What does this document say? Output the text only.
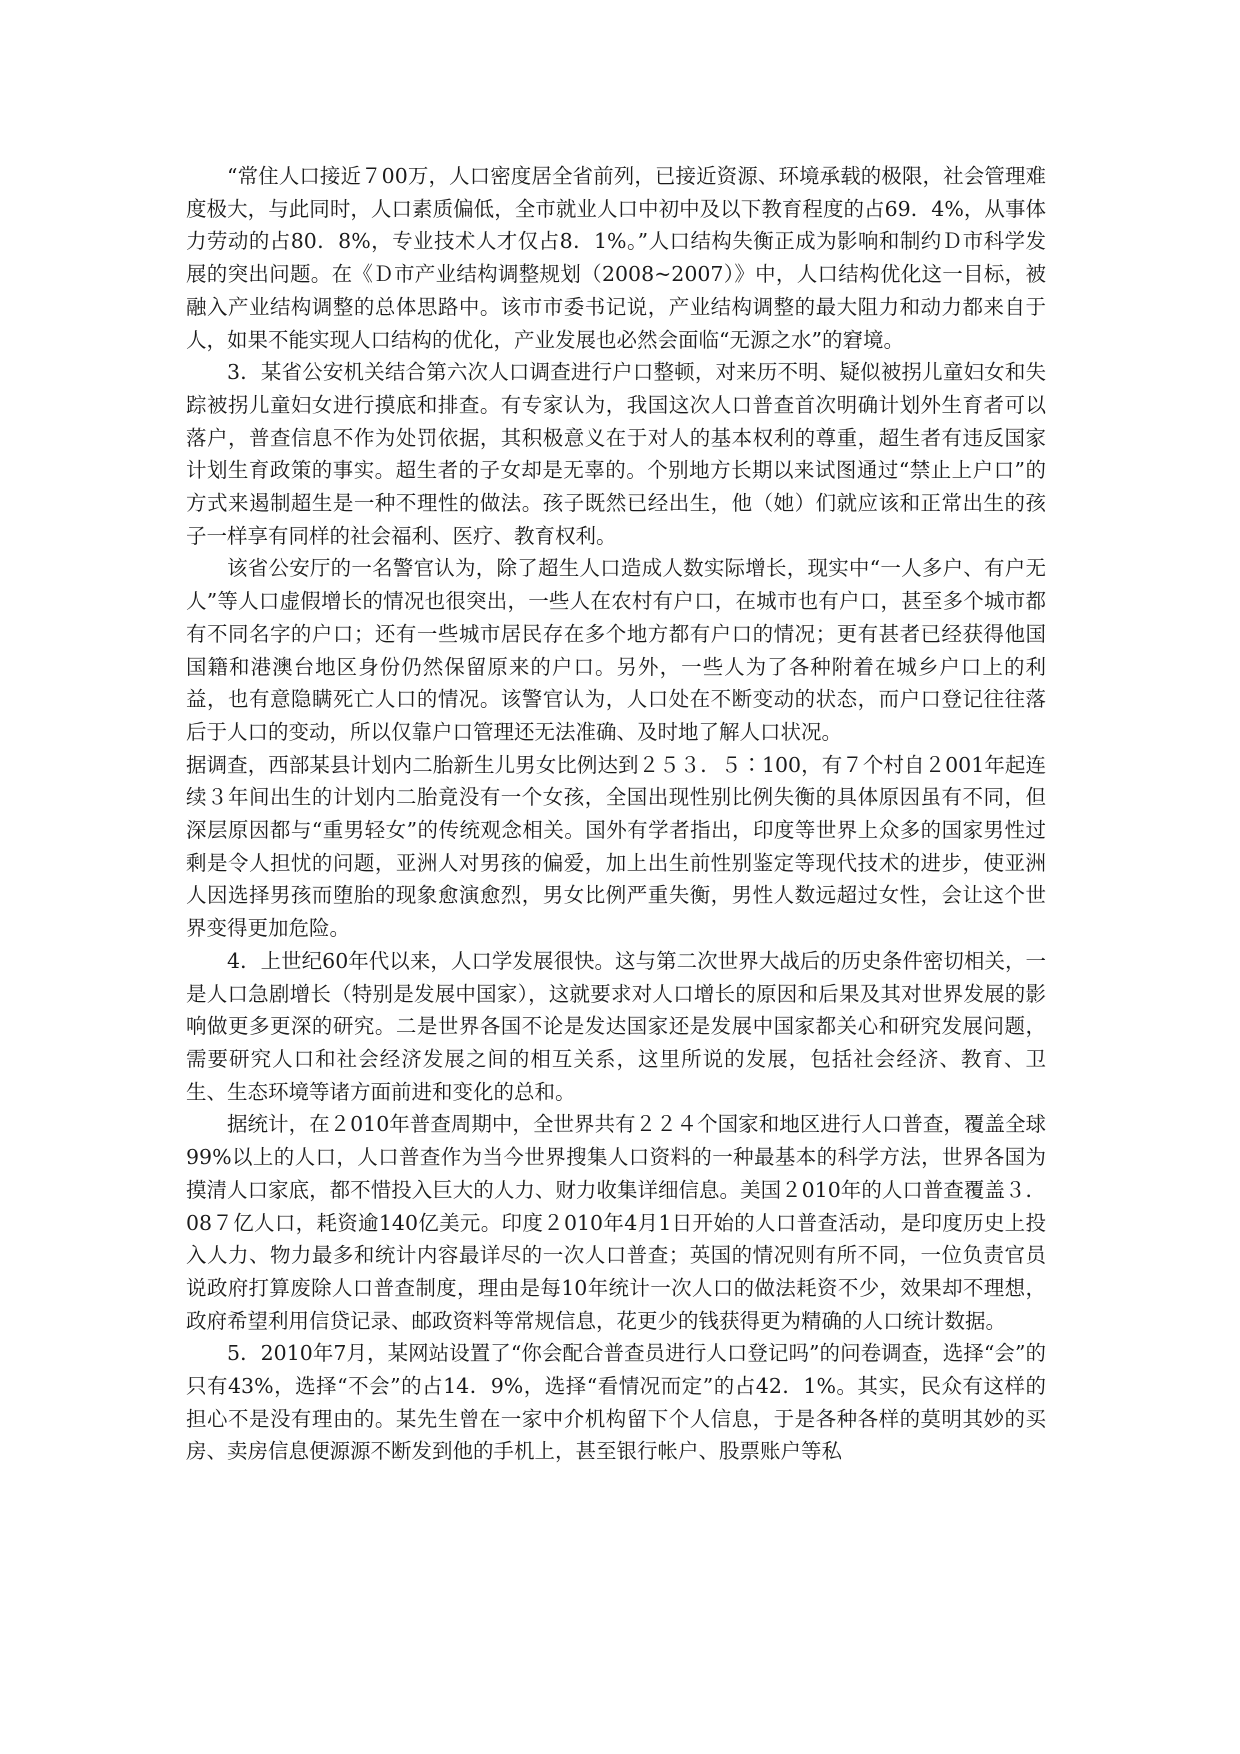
“常住人口接近７00万，人口密度居全省前列，已接近资源、环境承载的极限，社会管理难度极大，与此同时，人口素质偏低，全市就业人口中初中及以下教育程度的占69．4%，从事体力劳动的占80．8%，专业技术人才仅占8．1%。”人口结构失衡正成为影响和制约Ｄ市科学发展的突出问题。在《Ｄ市产业结构调整规划（2008~2007）》中，人口结构优化这一目标，被融入产业结构调整的总体思路中。该市市委书记说，产业结构调整的最大阻力和动力都来自于人，如果不能实现人口结构的优化，产业发展也必然会面临“无源之水”的窘境。

3．某省公安机关结合第六次人口调查进行户口整顿，对来历不明、疑似被拐儿童妇女和失踪被拐儿童妇女进行摸底和排查。有专家认为，我国这次人口普查首次明确计划外生育者可以落户，普查信息不作为处罚依据，其积极意义在于对人的基本权利的尊重，超生者有违反国家计划生育政策的事实。超生者的子女却是无辜的。个别地方长期以来试图通过“禁止上户口”的方式来遏制超生是一种不理性的做法。孩子既然已经出生，他（她）们就应该和正常出生的孩子一样享有同样的社会福利、医疗、教育权利。

该省公安厅的一名警官认为，除了超生人口造成人数实际增长，现实中“一人多户、有户无人”等人口虚假增长的情况也很突出，一些人在农村有户口，在城市也有户口，甚至多个城市都有不同名字的户口；还有一些城市居民存在多个地方都有户口的情况；更有甚者已经获得他国国籍和港澳台地区身份仍然保留原来的户口。另外，一些人为了各种附着在城乡户口上的利益，也有意隐瞒死亡人口的情况。该警官认为，人口处在不断变动的状态，而户口登记往往落后于人口的变动，所以仅靠户口管理还无法准确、及时地了解人口状况。

据调查，西部某县计划内二胎新生儿男女比例达到２５３．５∶100，有７个村自２001年起连续３年间出生的计划内二胎竟没有一个女孩，全国出现性别比例失衡的具体原因虽有不同，但深层原因都与“重男轻女”的传统观念相关。国外有学者指出，印度等世界上众多的国家男性过剩是令人担忧的问题，亚洲人对男孩的偏爱，加上出生前性别鉴定等现代技术的进步，使亚洲人因选择男孩而堕胎的现象愈演愈烈，男女比例严重失衡，男性人数远超过女性，会让这个世界变得更加危险。

4．上世纪60年代以来，人口学发展很快。这与第二次世界大战后的历史条件密切相关，一是人口急剧增长（特别是发展中国家），这就要求对人口增长的原因和后果及其对世界发展的影响做更多更深的研究。二是世界各国不论是发达国家还是发展中国家都关心和研究发展问题，需要研究人口和社会经济发展之间的相互关系，这里所说的发展，包括社会经济、教育、卫生、生态环境等诸方面前进和变化的总和。

据统计，在２010年普查周期中，全世界共有２２４个国家和地区进行人口普查，覆盖全球99%以上的人口，人口普查作为当今世界搜集人口资料的一种最基本的科学方法，世界各国为摸清人口家底，都不惜投入巨大的人力、财力收集详细信息。美国２010年的人口普查覆盖３．08７亿人口，耗资逾140亿美元。印度２010年4月1日开始的人口普查活动，是印度历史上投入人力、物力最多和统计内容最详尽的一次人口普查；英国的情况则有所不同，一位负责官员说政府打算废除人口普查制度，理由是每10年统计一次人口的做法耗资不少，效果却不理想，政府希望利用信贷记录、邮政资料等常规信息，花更少的钱获得更为精确的人口统计数据。

5．2010年7月，某网站设置了“你会配合普查员进行人口登记吗”的问卷调查，选择“会”的只有43%，选择“不会”的占14．9%，选择“看情况而定”的占42．1%。其实，民众有这样的担心不是没有理由的。某先生曾在一家中介机构留下个人信息，于是各种各样的莫明其妙的买房、卖房信息便源源不断发到他的手机上，甚至银行帐户、股票账户等私
